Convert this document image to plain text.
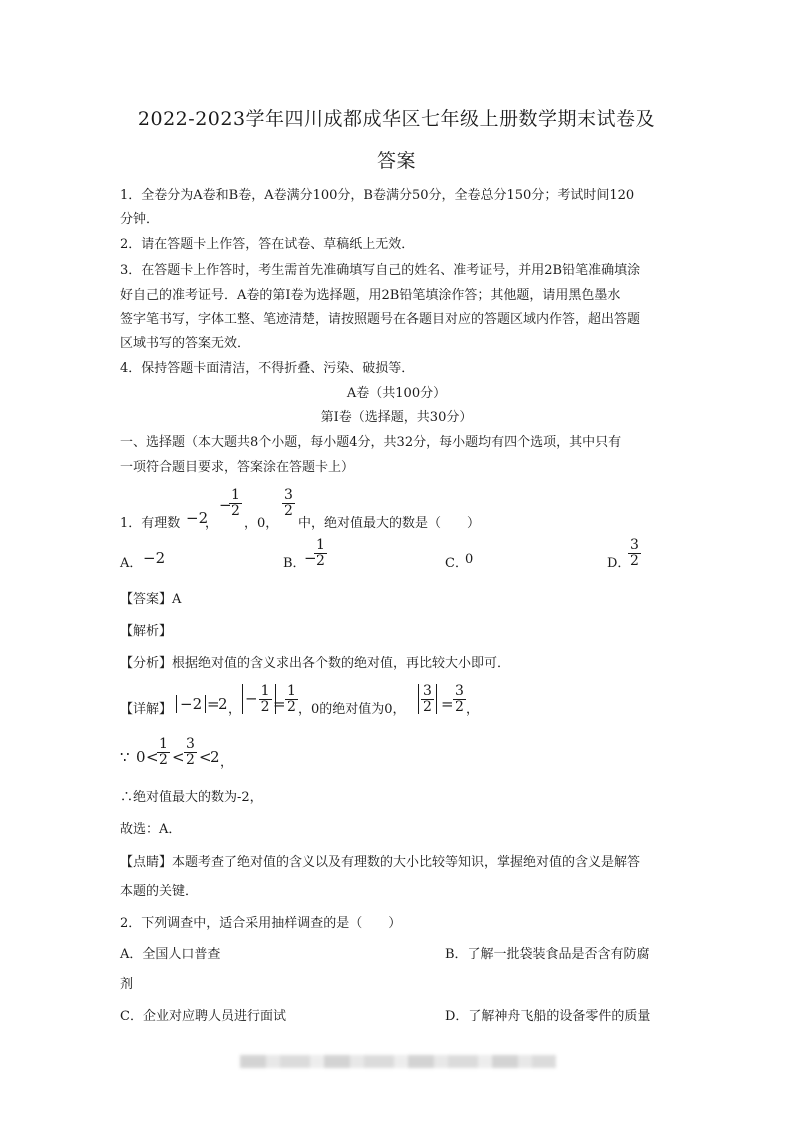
2022-2023学年四川成都成华区七年级上册数学期末试卷及
答案
1．全卷分为A卷和B卷，A卷满分100分，B卷满分50分，全卷总分150分；考试时间120
分钟．
2．请在答题卡上作答，答在试卷、草稿纸上无效．
3．在答题卡上作答时，考生需首先准确填写自己的姓名、准考证号，并用2B铅笔准确填涂
好自己的准考证号．A卷的第Ⅰ卷为选择题，用2B铅笔填涂作答；其他题，请用黑色墨水
签字笔书写，字体工整、笔迹清楚，请按照题号在各题目对应的答题区域内作答，超出答题
区域书写的答案无效．
4．保持答题卡面清洁，不得折叠、污染、破损等．
A卷（共100分）
第Ⅰ卷（选择题，共30分）
一、选择题（本大题共8个小题，每小题4分，共32分，每小题均有四个选项，其中只有
一项符合题目要求，答案涂在答题卡上）
1．有理数 −2
，
−
$\frac{1}{2}$
，0，
$\frac{3}{2}$
中，绝对值最大的数是（　　）
A． −2	B．
−
$\frac{1}{2}$	C．
0	D．
$\frac{3}{2}$
【答案】A
【解析】
【分析】根据绝对值的含义求出各个数的绝对值，再比较大小即可．
【详解】 −2 =
2 ，
− $\frac{1}{2} = \frac{1}{2}$ ，0的绝对值为0， $\frac{3}{2} = \frac{3}{2}$ ，
∵ 0 <
$\frac{1}{2} < \frac{3}{2}$ <
2 ，
∴绝对值最大的数为-2，
故选：A．
【点睛】本题考查了绝对值的含义以及有理数的大小比较等知识，掌握绝对值的含义是解答
本题的关键．
2．下列调查中，适合采用抽样调查的是（　　）
A．全国人口普查	B．了解一批袋装食品是否含有防腐
剂
C．企业对应聘人员进行面试	D．了解神舟飞船的设备零件的质量
